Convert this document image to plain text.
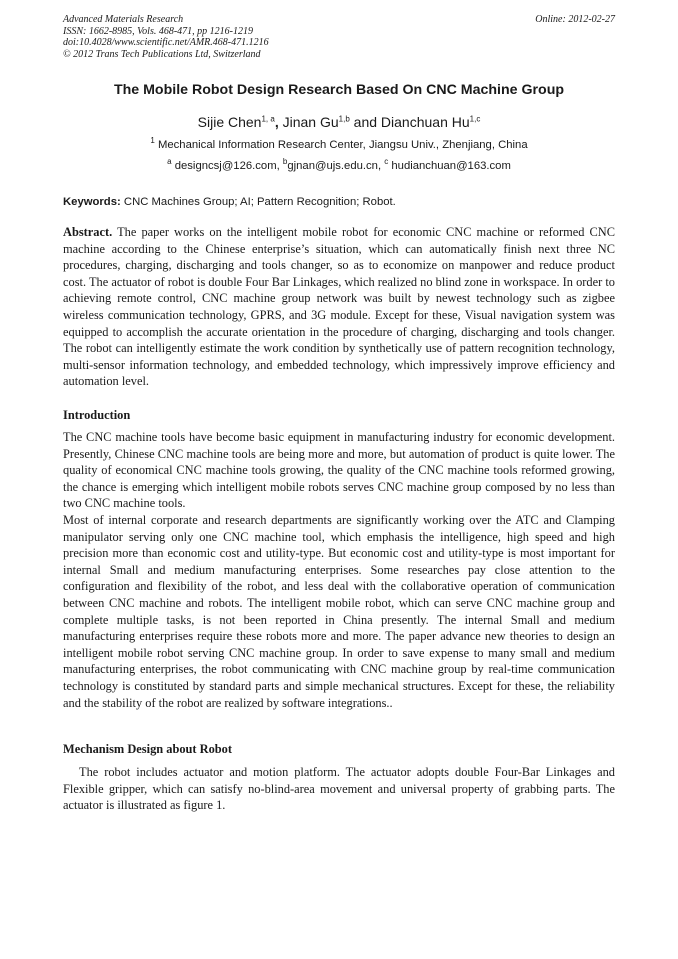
Advanced Materials Research	Online: 2012-02-27
ISSN: 1662-8985, Vols. 468-471, pp 1216-1219
doi:10.4028/www.scientific.net/AMR.468-471.1216
© 2012 Trans Tech Publications Ltd, Switzerland
The Mobile Robot Design Research Based On CNC Machine Group
Sijie Chen$^{1, a}$, Jinan Gu$^{1,b}$ and Dianchuan Hu$^{1,c}$
$^1$ Mechanical Information Research Center, Jiangsu Univ., Zhenjiang, China
$^a$ designcsj@126.com, $^b$gjnan@ujs.edu.cn, $^c$ hudianchuan@163.com
Keywords: CNC Machines Group; AI; Pattern Recognition; Robot.

Abstract. The paper works on the intelligent mobile robot for economic CNC machine or reformed CNC machine according to the Chinese enterprise’s situation, which can automatically finish next three NC procedures, charging, discharging and tools changer, so as to economize on manpower and reduce product cost. The actuator of robot is double Four Bar Linkages, which realized no blind zone in workspace. In order to achieving remote control, CNC machine group network was built by newest technology such as zigbee wireless communication technology, GPRS, and 3G module. Except for these, Visual navigation system was equipped to accomplish the accurate orientation in the procedure of charging, discharging and tools changer. The robot can intelligently estimate the work condition by synthetically use of pattern recognition technology, multi-sensor information technology, and embedded technology, which impressively improve efficiency and automation level.

Introduction

The CNC machine tools have become basic equipment in manufacturing industry for economic development. Presently, Chinese CNC machine tools are being more and more, but automation of product is quite lower. The quality of economical CNC machine tools growing, the quality of the CNC machine tools reformed growing, the chance is emerging which intelligent mobile robots serves CNC machine group composed by no less than two CNC machine tools.

Most of internal corporate and research departments are significantly working over the ATC and Clamping manipulator serving only one CNC machine tool, which emphasis the intelligence, high speed and high precision more than economic cost and utility-type. But economic cost and utility-type is most important for internal Small and medium manufacturing enterprises. Some researches pay close attention to the configuration and flexibility of the robot, and less deal with the collaborative operation of communication between CNC machine and robots. The intelligent mobile robot, which can serve CNC machine group and complete multiple tasks, is not been reported in China presently. The internal Small and medium manufacturing enterprises require these robots more and more. The paper advance new theories to design an intelligent mobile robot serving CNC machine group. In order to save expense to many small and medium manufacturing enterprises, the robot communicating with CNC machine group by real-time communication technology is constituted by standard parts and simple mechanical structures. Except for these, the reliability and the stability of the robot are realized by software integrations..

Mechanism Design about Robot

The robot includes actuator and motion platform. The actuator adopts double Four-Bar Linkages and Flexible gripper, which can satisfy no-blind-area movement and universal property of grabbing parts. The actuator is illustrated as figure 1.
